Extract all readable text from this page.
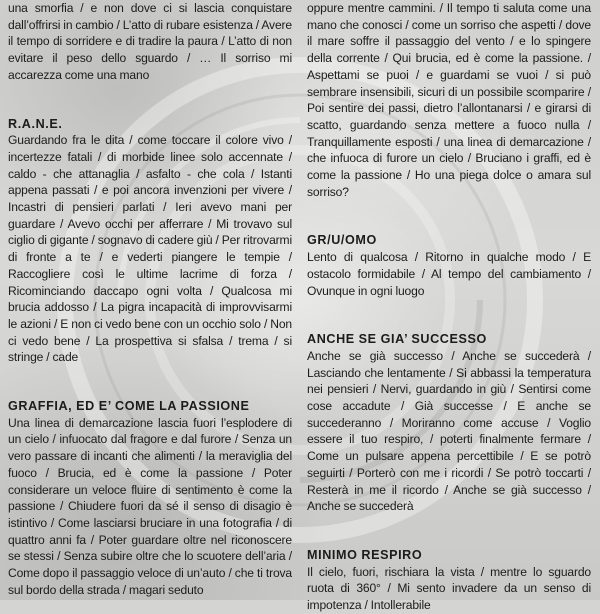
una smorfia / e non dove ci si lascia conquistare dall’offrirsi in cambio / L’atto di rubare esistenza / Avere il tempo di sorridere e di tradire la paura / L’atto di non evitare il peso dello sguardo / … Il sorriso mi accarezza come una mano

R.A.N.E.

Guardando fra le dita / come toccare il colore vivo / incertezze fatali / di morbide linee solo accennate / caldo - che attanaglia / asfalto - che cola / Istanti appena passati / e poi ancora invenzioni per vivere / Incastri di pensieri parlati / Ieri avevo mani per guardare / Avevo occhi per afferrare / Mi trovavo sul ciglio di gigante / sognavo di cadere giù / Per ritrovarmi di fronte a te / e vederti piangere le tempie / Raccogliere così le ultime lacrime di forza / Ricominciando daccapo ogni volta / Qualcosa mi brucia addosso / La pigra incapacità di improvvisarmi le azioni / E non ci vedo bene con un occhio solo / Non ci vedo bene / La prospettiva si sfalsa / trema / si stringe / cade

GRAFFIA, ED E’ COME LA PASSIONE

Una linea di demarcazione lascia fuori l’esplodere di un cielo / infuocato dal fragore e dal furore / Senza un vero passare di incanti che alimenti / la meraviglia del fuoco / Brucia, ed è come la passione / Poter considerare un veloce fluire di sentimento è come la passione / Chiudere fuori da sé il senso di disagio è istintivo / Come lasciarsi bruciare in una fotografia / di quattro anni fa / Poter guardare oltre nel riconoscere se stessi / Senza subire oltre che lo scuotere dell’aria / Come dopo il passaggio veloce di un’auto / che ti trova sul bordo della strada / magari seduto

oppure mentre cammini. / Il tempo ti saluta come una mano che conosci / come un sorriso che aspetti / dove il mare soffre il passaggio del vento / e lo spingere della corrente / Qui brucia, ed è come la passione. / Aspettami se puoi / e guardami se vuoi / si può sembrare insensibili, sicuri di un possibile scomparire / Poi sentire dei passi, dietro l’allontanarsi / e girarsi di scatto, guardando senza mettere a fuoco nulla / Tranquillamente esposti / una linea di demarcazione / che infuoca di furore un cielo / Bruciano i graffi, ed è come la passione / Ho una piega dolce o amara sul sorriso?

GR/U/OMO

Lento di qualcosa / Ritorno in qualche modo / E ostacolo formidabile / Al tempo del cambiamento / Ovunque in ogni luogo

ANCHE SE GIA’ SUCCESSO

Anche se già successo / Anche se succederà / Lasciando che lentamente / Si abbassi la temperatura nei pensieri / Nervi, guardando in giù / Sentirsi come cose accadute / Già successe / E anche se succederanno / Moriranno come accuse / Voglio essere il tuo respiro, / poterti finalmente fermare / Come un pulsare appena percettibile / E se potrò seguirti / Porterò con me i ricordi / Se potrò toccarti / Resterà in me il ricordo / Anche se già successo / Anche se succederà

MINIMO RESPIRO

Il cielo, fuori, rischiara la vista / mentre lo sguardo ruota di 360° / Mi sento invadere da un senso di impotenza / Intollerabile
